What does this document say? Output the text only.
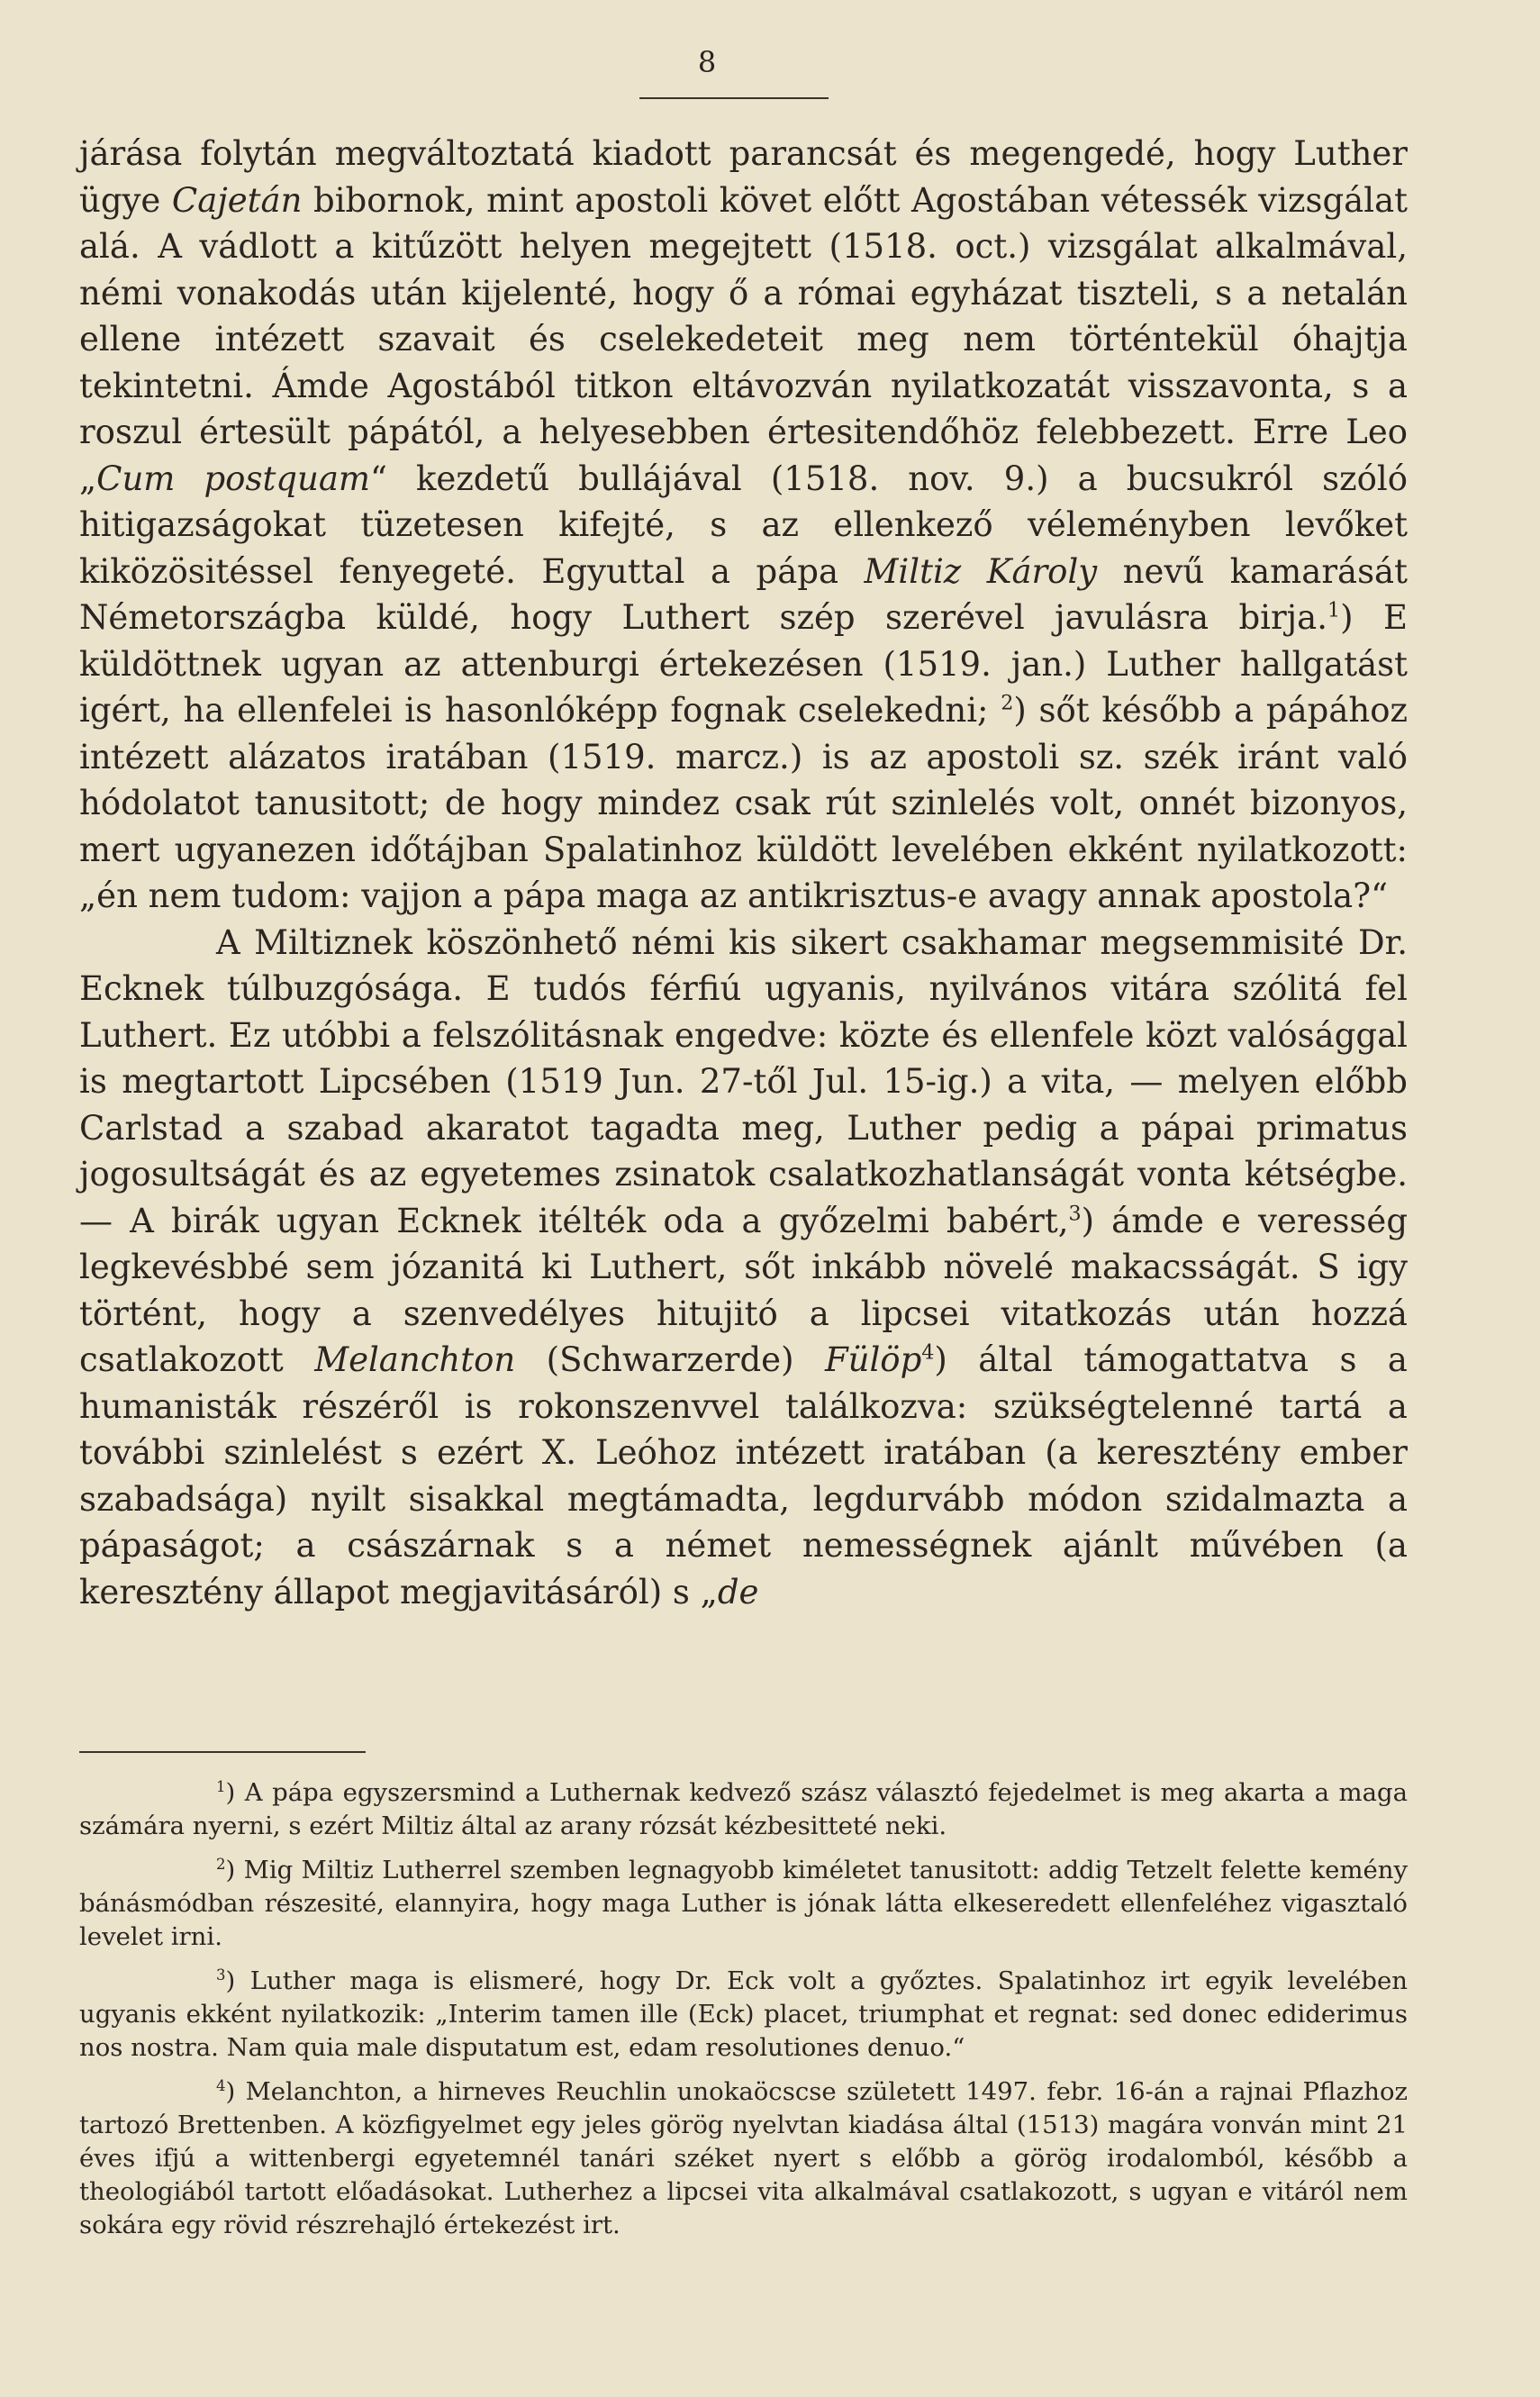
8

járása folytán megváltoztatá kiadott parancsát és megengedé, hogy Luther ügye Cajetán bibornok, mint apostoli követ előtt Agostában vétessék vizsgálat alá. A vádlott a kitűzött helyen megejtett (1518. oct.) vizsgálat alkalmával, némi vonakodás után kijelenté, hogy ő a római egyházat tiszteli, s a netalán ellene intézett szavait és cselekedeteit meg nem történtekül óhajtja tekintetni. Ámde Agostából titkon eltávozván nyilatkozatát visszavonta, s a roszul értesült pápától, a helyesebben értesitendőhöz felebbezett. Erre Leo „Cum postquam“ kezdetű bullájával (1518. nov. 9.) a bucsukról szóló hitigazságokat tüzetesen kifejté, s az ellenkező véleményben levőket kiközösitéssel fenyegeté. Egyuttal a pápa Miltiz Károly nevű kamarását Németországba küldé, hogy Luthert szép szerével javulásra birja.$^1$) E küldöttnek ugyan az attenburgi értekezésen (1519. jan.) Luther hallgatást igért, ha ellenfelei is hasonlóképp fognak cselekedni; $^2$) sőt később a pápához intézett alázatos iratában (1519. marcz.) is az apostoli sz. szék iránt való hódolatot tanusitott; de hogy mindez csak rút szinlelés volt, onnét bizonyos, mert ugyanezen időtájban Spalatinhoz küldött levelében ekként nyilatkozott: „én nem tudom: vajjon a pápa maga az antikrisztus-e avagy annak apostola?“

A Miltiznek köszönhető némi kis sikert csakhamar megsemmisité Dr. Ecknek túlbuzgósága. E tudós férfiú ugyanis, nyilvános vitára szólitá fel Luthert. Ez utóbbi a felszólitásnak engedve: közte és ellenfele közt valósággal is megtartott Lipcsében (1519 Jun. 27-től Jul. 15-ig.) a vita, — melyen előbb Carlstad a szabad akaratot tagadta meg, Luther pedig a pápai primatus jogosultságát és az egyetemes zsinatok csalatkozhatlanságát vonta kétségbe. — A birák ugyan Ecknek itélték oda a győzelmi babért,$^3$) ámde e veresség legkevésbbé sem józanitá ki Luthert, sőt inkább növelé makacsságát. S igy történt, hogy a szenvedélyes hitujitó a lipcsei vitatkozás után hozzá csatlakozott Melanchton (Schwarzerde) Fülöp$^4$) által támogattatva s a humanisták részéről is rokonszenvvel találkozva: szükségtelenné tartá a további szinlelést s ezért X. Leóhoz intézett iratában (a keresztény ember szabadsága) nyilt sisakkal megtámadta, legdurvább módon szidalmazta a pápaságot; a császárnak s a német nemességnek ajánlt művében (a keresztény állapot megjavitásáról) s „de

$^1$) A pápa egyszersmind a Luthernak kedvező szász választó fejedelmet is meg akarta a maga számára nyerni, s ezért Miltiz által az arany rózsát kézbesitteté neki.

$^2$) Mig Miltiz Lutherrel szemben legnagyobb kiméletet tanusitott: addig Tetzelt felette kemény bánásmódban részesité, elannyira, hogy maga Luther is jónak látta elkeseredett ellenfeléhez vigasztaló levelet irni.

$^3$) Luther maga is elismeré, hogy Dr. Eck volt a győztes. Spalatinhoz irt egyik levelében ugyanis ekként nyilatkozik: „Interim tamen ille (Eck) placet, triumphat et regnat: sed donec ediderimus nos nostra. Nam quia male disputatum est, edam resolutiones denuo.“

$^4$) Melanchton, a hirneves Reuchlin unokaöcscse született 1497. febr. 16-án a rajnai Pflazhoz tartozó Brettenben. A közfigyelmet egy jeles görög nyelvtan kiadása által (1513) magára vonván mint 21 éves ifjú a wittenbergi egyetemnél tanári széket nyert s előbb a görög irodalomból, később a theologiából tartott előadásokat. Lutherhez a lipcsei vita alkalmával csatlakozott, s ugyan e vitáról nem sokára egy rövid részrehajló értekezést irt.
